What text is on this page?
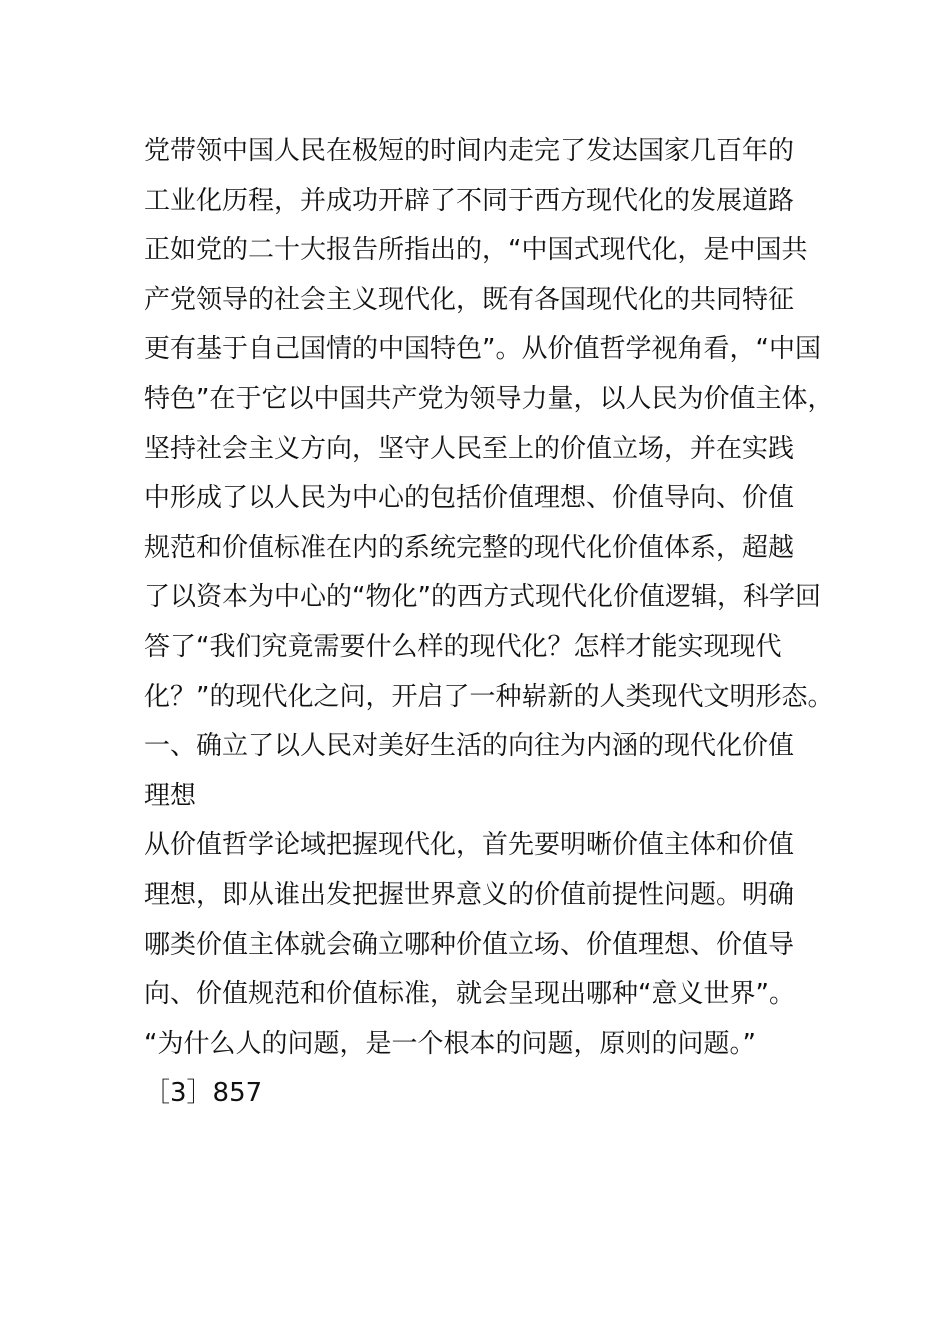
党带领中国人民在极短的时间内走完了发达国家几百年的
工业化历程，并成功开辟了不同于西方现代化的发展道路
正如党的二十大报告所指出的，“中国式现代化，是中国共
产党领导的社会主义现代化，既有各国现代化的共同特征
更有基于自己国情的中国特色”。从价值哲学视角看，“中国
特色”在于它以中国共产党为领导力量，以人民为价值主体，
坚持社会主义方向，坚守人民至上的价值立场，并在实践
中形成了以人民为中心的包括价值理想、价值导向、价值
规范和价值标准在内的系统完整的现代化价值体系，超越
了以资本为中心的“物化”的西方式现代化价值逻辑，科学回
答了“我们究竟需要什么样的现代化？怎样才能实现现代
化？”的现代化之问，开启了一种崭新的人类现代文明形态。
一、确立了以人民对美好生活的向往为内涵的现代化价值
理想
从价值哲学论域把握现代化，首先要明晰价值主体和价值
理想，即从谁出发把握世界意义的价值前提性问题。明确
哪类价值主体就会确立哪种价值立场、价值理想、价值导
向、价值规范和价值标准，就会呈现出哪种“意义世界”。
“为什么人的问题，是一个根本的问题，原则的问题。”
［3］857
